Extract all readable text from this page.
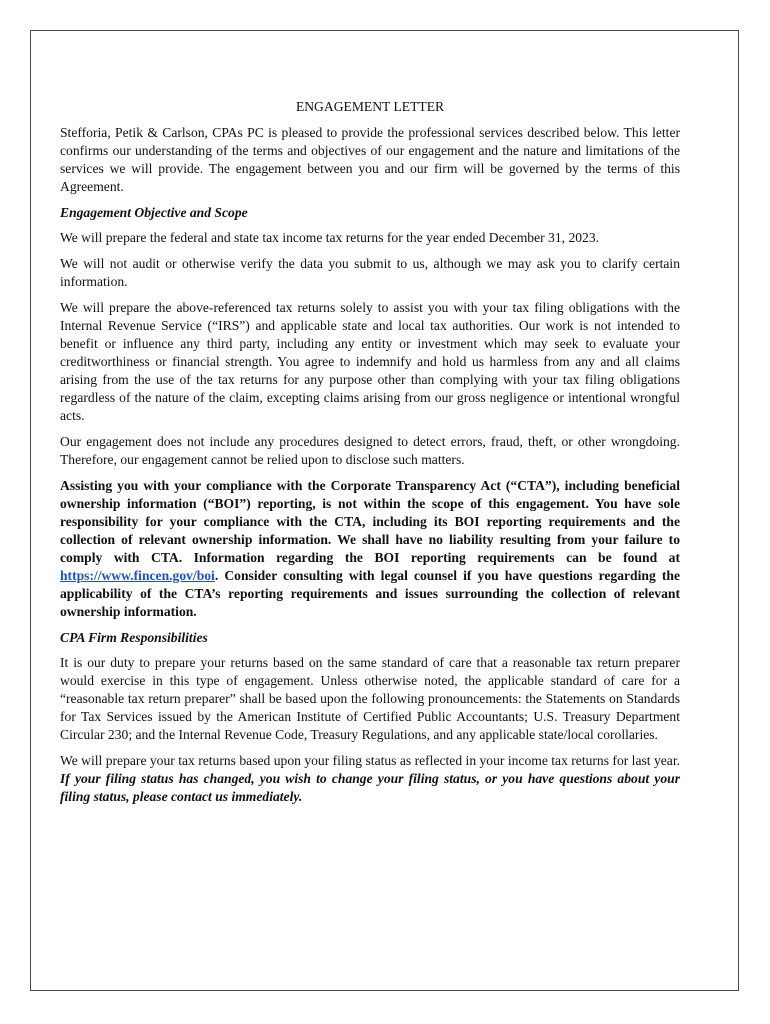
ENGAGEMENT LETTER

Stefforia, Petik & Carlson, CPAs PC is pleased to provide the professional services described below. This letter confirms our understanding of the terms and objectives of our engagement and the nature and limitations of the services we will provide. The engagement between you and our firm will be governed by the terms of this Agreement.

Engagement Objective and Scope

We will prepare the federal and state tax income tax returns for the year ended December 31, 2023.

We will not audit or otherwise verify the data you submit to us, although we may ask you to clarify certain information.

We will prepare the above-referenced tax returns solely to assist you with your tax filing obligations with the Internal Revenue Service (“IRS”) and applicable state and local tax authorities. Our work is not intended to benefit or influence any third party, including any entity or investment which may seek to evaluate your creditworthiness or financial strength. You agree to indemnify and hold us harmless from any and all claims arising from the use of the tax returns for any purpose other than complying with your tax filing obligations regardless of the nature of the claim, excepting claims arising from our gross negligence or intentional wrongful acts.

Our engagement does not include any procedures designed to detect errors, fraud, theft, or other wrongdoing. Therefore, our engagement cannot be relied upon to disclose such matters.

Assisting you with your compliance with the Corporate Transparency Act (“CTA”), including beneficial ownership information (“BOI”) reporting, is not within the scope of this engagement. You have sole responsibility for your compliance with the CTA, including its BOI reporting requirements and the collection of relevant ownership information. We shall have no liability resulting from your failure to comply with CTA. Information regarding the BOI reporting requirements can be found at https://www.fincen.gov/boi. Consider consulting with legal counsel if you have questions regarding the applicability of the CTA’s reporting requirements and issues surrounding the collection of relevant ownership information.

CPA Firm Responsibilities

It is our duty to prepare your returns based on the same standard of care that a reasonable tax return preparer would exercise in this type of engagement. Unless otherwise noted, the applicable standard of care for a “reasonable tax return preparer” shall be based upon the following pronouncements: the Statements on Standards for Tax Services issued by the American Institute of Certified Public Accountants; U.S. Treasury Department Circular 230; and the Internal Revenue Code, Treasury Regulations, and any applicable state/local corollaries.

We will prepare your tax returns based upon your filing status as reflected in your income tax returns for last year. If your filing status has changed, you wish to change your filing status, or you have questions about your filing status, please contact us immediately.
